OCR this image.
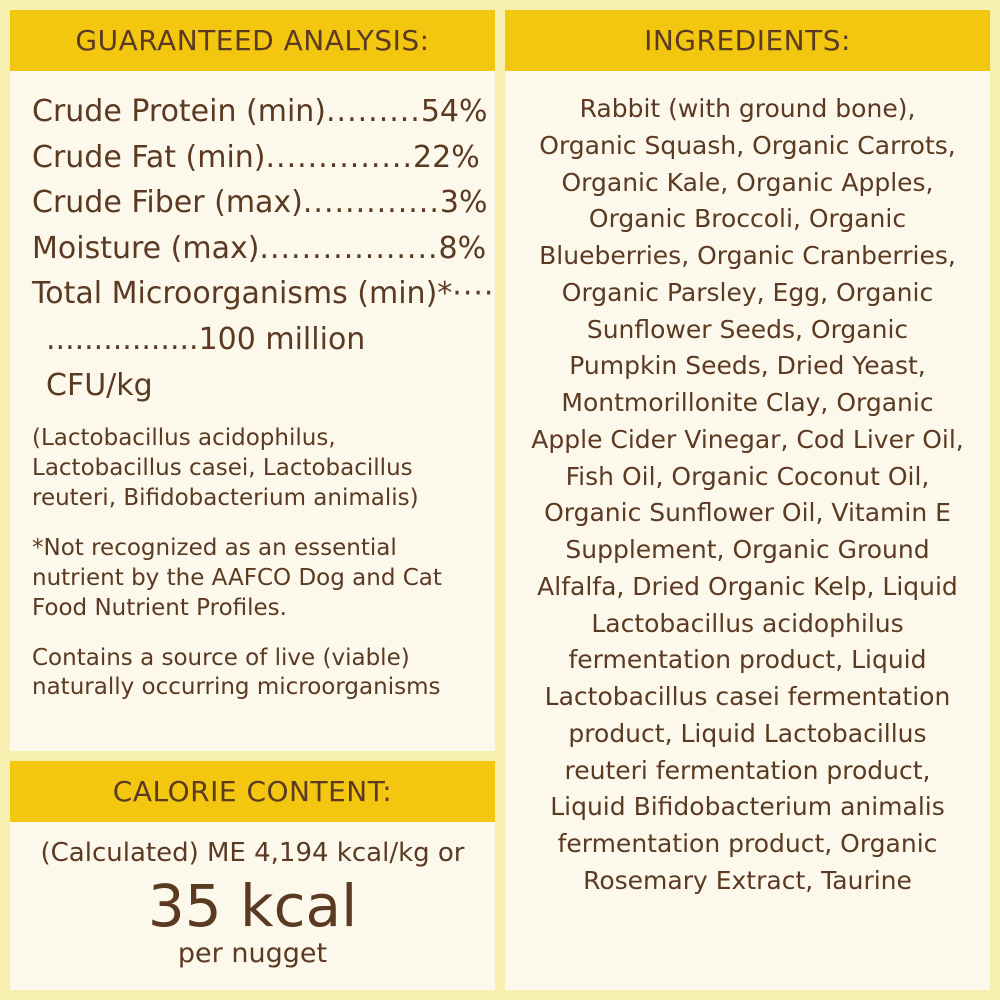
GUARANTEED ANALYSIS:
Crude Protein (min).........54%
Crude Fat (min)..............22%
Crude Fiber (max).............3%
Moisture (max).................8%
Total Microorganisms (min)*····
................100 million CFU/kg

(Lactobacillus acidophilus, Lactobacillus casei, Lactobacillus reuteri, Bifidobacterium animalis)

*Not recognized as an essential nutrient by the AAFCO Dog and Cat Food Nutrient Profiles.

Contains a source of live (viable) naturally occurring microorganisms

CALORIE CONTENT:
(Calculated) ME 4,194 kcal/kg or
35 kcal
per nugget
INGREDIENTS:
Rabbit (with ground bone), Organic Squash, Organic Carrots, Organic Kale, Organic Apples, Organic Broccoli, Organic Blueberries, Organic Cranberries, Organic Parsley, Egg, Organic Sunflower Seeds, Organic Pumpkin Seeds, Dried Yeast, Montmorillonite Clay, Organic Apple Cider Vinegar, Cod Liver Oil, Fish Oil, Organic Coconut Oil, Organic Sunflower Oil, Vitamin E Supplement, Organic Ground Alfalfa, Dried Organic Kelp, Liquid Lactobacillus acidophilus fermentation product, Liquid Lactobacillus casei fermentation product, Liquid Lactobacillus reuteri fermentation product, Liquid Bifidobacterium animalis fermentation product, Organic Rosemary Extract, Taurine
